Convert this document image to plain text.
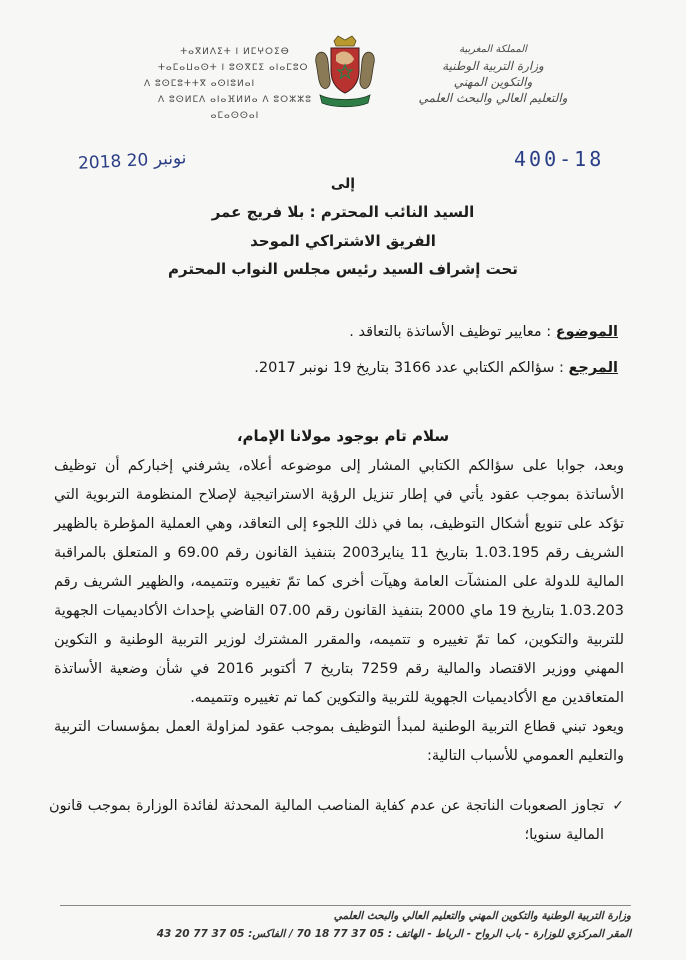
المملكة المغربية
وزارة التربية الوطنية
والتكوين المهني
والتعليم العالي والبحث العلمي
ⵜⴰⴳⵍⴷⵉⵜ ⵏ ⵍⵎⵖⵔⵉⴱ
ⵜⴰⵎⴰⵡⴰⵙⵜ ⵏ ⵓⵙⴳⵎⵉ ⴰⵏⴰⵎⵓⵔ
ⴷ ⵓⵙⵎⵓⵜⵜⴳ ⴰⵙⵏⵓⵍⴰⵏ
ⴷ ⵓⵙⵍⵎⴷ ⴰⵏⴰⴼⵍⵍⴰ ⴷ ⵓⵔⵣⵣⵓ ⴰⵎⴰⵙⵙⴰⵏ
2018 نونبر 20	400-18
إلى
السيد النائب المحترم : بلا فريج عمر
الفريق الاشتراكي الموحد
تحت إشراف السيد رئيس مجلس النواب المحترم
الموضوع : معايير توظيف الأساتذة بالتعاقد .
المرجع : سؤالكم الكتابي عدد 3166 بتاريخ 19 نونبر 2017.
سلام تام بوجود مولانا الإمام،

وبعد، جوابا على سؤالكم الكتابي المشار إلى موضوعه أعلاه، يشرفني إخباركم أن توظيف الأساتذة بموجب عقود يأتي في إطار تنزيل الرؤية الاستراتيجية لإصلاح المنظومة التربوية التي تؤكد على تنويع أشكال التوظيف، بما في ذلك اللجوء إلى التعاقد، وهي العملية المؤطرة بالظهير الشريف رقم 1.03.195 بتاريخ 11 يناير2003 بتنفيذ القانون رقم 69.00 و المتعلق بالمراقبة المالية للدولة على المنشآت العامة وهيآت أخرى كما تمّ تغييره وتتميمه، والظهير الشريف رقم 1.03.203 بتاريخ 19 ماي 2000 بتنفيذ القانون رقم 07.00 القاضي بإحداث الأكاديميات الجهوية للتربية والتكوين، كما تمّ تغييره و تتميمه، والمقرر المشترك لوزير التربية الوطنية و التكوين المهني ووزير الاقتصاد والمالية رقم 7259 بتاريخ 7 أكتوبر 2016 في شأن وضعية الأساتذة المتعاقدين مع الأكاديميات الجهوية للتربية والتكوين كما تم تغييره وتتميمه.

ويعود تبني قطاع التربية الوطنية لمبدأ التوظيف بموجب عقود لمزاولة العمل بمؤسسات التربية والتعليم العمومي للأسباب التالية:

✓
تجاوز الصعوبات الناتجة عن عدم كفاية المناصب المالية المحدثة لفائدة الوزارة بموجب قانون المالية سنويا؛
وزارة التربية الوطنية والتكوين المهني والتعليم العالي والبحث العلمي
المقر المركزي للوزارة - باب الرواح - الرباط - الهاتف : 05 37 77 18 70 / الفاكس: 05 37 77 20 43
